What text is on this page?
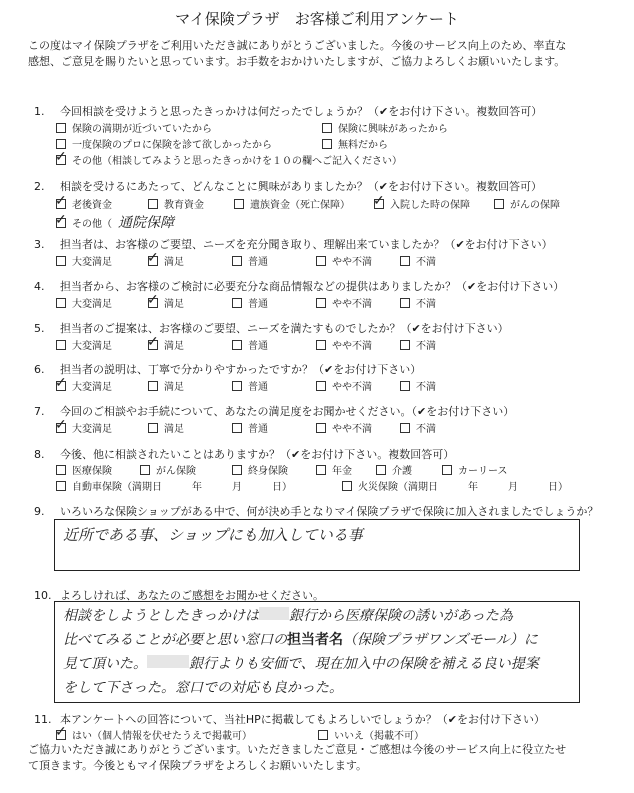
マイ保険プラザ　お客様ご利用アンケート
この度はマイ保険プラザをご利用いただき誠にありがとうございました。今後のサービス向上のため、率直な
感想、ご意見を賜りたいと思っています。お手数をおかけいたしますが、ご協力よろしくお願いいたします。
1. 今回相談を受けようと思ったきっかけは何だったでしょうか？（✔をお付け下さい。複数回答可）
保険の満期が近づいていたから	保険に興味があったから
一度保険のプロに保険を診て欲しかったから	無料だから
✓ その他（相談してみようと思ったきっかけを１０の欄へご記入ください）
2. 相談を受けるにあたって、どんなことに興味がありましたか？（✔をお付け下さい。複数回答可）
✓ 老後資金	教育資金	遺族資金（死亡保障） ✓ 入院した時の保障	がんの保障
✓ その他（ 通院保障
3. 担当者は、お客様のご要望、ニーズを充分聞き取り、理解出来ていましたか？（✔をお付け下さい）
大変満足	✓ 満足	普通	やや不満	不満
4. 担当者から、お客様のご検討に必要充分な商品情報などの提供はありましたか？（✔をお付け下さい）
大変満足	✓ 満足	普通	やや不満	不満
5. 担当者のご提案は、お客様のご要望、ニーズを満たすものでしたか？（✔をお付け下さい）
大変満足	✓ 満足	普通	やや不満	不満
6. 担当者の説明は、丁寧で分かりやすかったですか？（✔をお付け下さい）
✓ 大変満足	満足	普通	やや不満	不満
7. 今回のご相談やお手続について、あなたの満足度をお聞かせください。（✔をお付け下さい）
✓ 大変満足	満足	普通	やや不満	不満
8. 今後、他に相談されたいことはありますか？（✔をお付け下さい。複数回答可）
医療保険	がん保険	終身保険	年金	介護	カーリース
自動車保険（満期日　　　年　　　月　　　日）	火災保険（満期日　　　年　　　月　　　日）
9. いろいろな保険ショップがある中で、何が決め手となりマイ保険プラザで保険に加入されましたでしょうか？
近所である事、ショップにも加入している事
10. よろしければ、あなたのご感想をお聞かせください。
相談をしようとしたきっかけは 銀行から医療保険の誘いがあった為
比べてみることが必要と思い窓口の担当者名（保険プラザワンズモール）に
見て頂いた。	銀行よりも安価で、現在加入中の保険を補える良い提案
をして下さった。窓口での対応も良かった。
11. 本アンケートへの回答について、当社HPに掲載してもよろしいでしょうか？（✔をお付け下さい）
✓ はい（個人情報を伏せたうえで掲載可）	いいえ（掲載不可）
ご協力いただき誠にありがとうございます。いただきましたご意見・ご感想は今後のサービス向上に役立たせ
て頂きます。今後ともマイ保険プラザをよろしくお願いいたします。
